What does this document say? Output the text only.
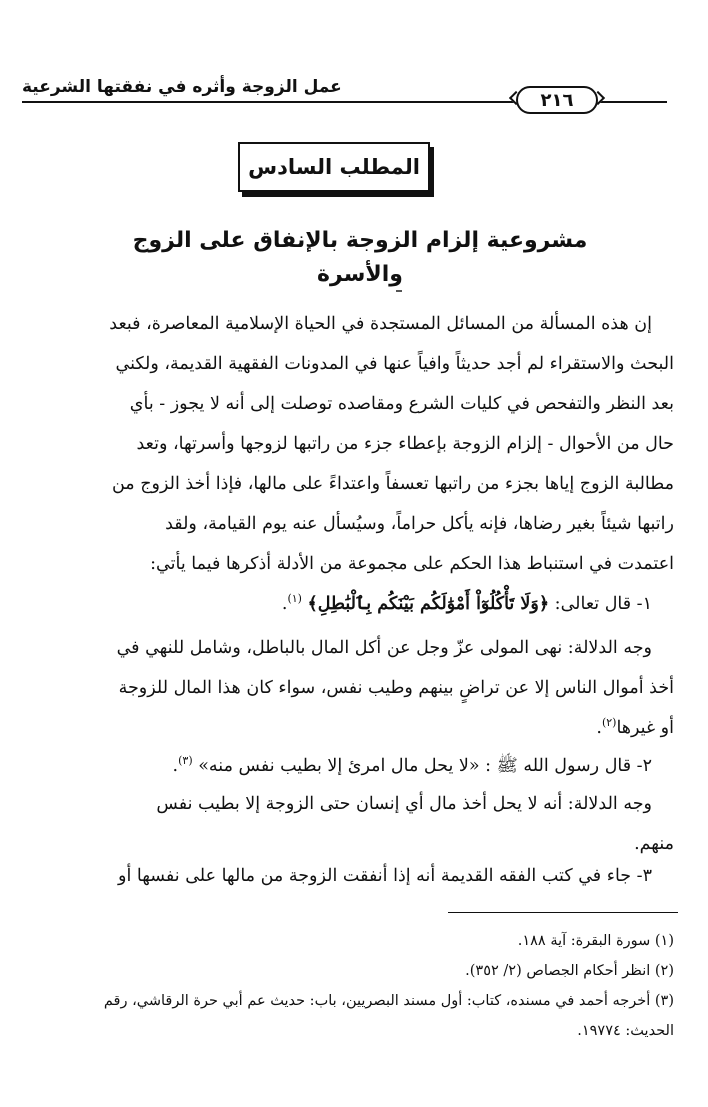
عمل الزوجة وأثره في نفقتها الشرعية
٢١٦
المطلب السادس
مشروعية إلزام الزوجة بالإنفاق على الزوج والأسرة
إن هذه المسألة من المسائل المستجدة في الحياة الإسلامية المعاصرة، فبعد
البحث والاستقراء لم أجد حديثاً وافياً عنها في المدونات الفقهية القديمة، ولكني
بعد النظر والتفحص في كليات الشرع ومقاصده توصلت إلى أنه لا يجوز - بأي
حال من الأحوال - إلزام الزوجة بإعطاء جزء من راتبها لزوجها وأسرتها، وتعد
مطالبة الزوج إياها بجزء من راتبها تعسفاً واعتداءً على مالها، فإذا أخذ الزوج من
راتبها شيئاً بغير رضاها، فإنه يأكل حراماً، وسيُسأل عنه يوم القيامة، ولقد
اعتمدت في استنباط هذا الحكم على مجموعة من الأدلة أذكرها فيما يأتي:
١- قال تعالى: ﴿وَلَا تَأْكُلُوٓاْ أَمْوَٰلَكُم بَيْنَكُم بِٱلْبَٰطِلِ﴾ $^{(١)}$.
وجه الدلالة: نهى المولى عزّ وجل عن أكل المال بالباطل، وشامل للنهي في
أخذ أموال الناس إلا عن تراضٍ بينهم وطيب نفس، سواء كان هذا المال للزوجة
أو غيرها$^{(٢)}$.
٢- قال رسول الله ﷺ : «لا يحل مال امرئ إلا بطيب نفس منه» $^{(٣)}$.
وجه الدلالة: أنه لا يحل أخذ مال أي إنسان حتى الزوجة إلا بطيب نفس
منهم.
٣- جاء في كتب الفقه القديمة أنه إذا أنفقت الزوجة من مالها على نفسها أو
(١) سورة البقرة: آية ١٨٨.
(٢) انظر أحكام الجصاص (٢/ ٣٥٢).
(٣) أخرجه أحمد في مسنده، كتاب: أول مسند البصريين، باب: حديث عم أبي حرة الرقاشي، رقم
الحديث: ١٩٧٧٤.
